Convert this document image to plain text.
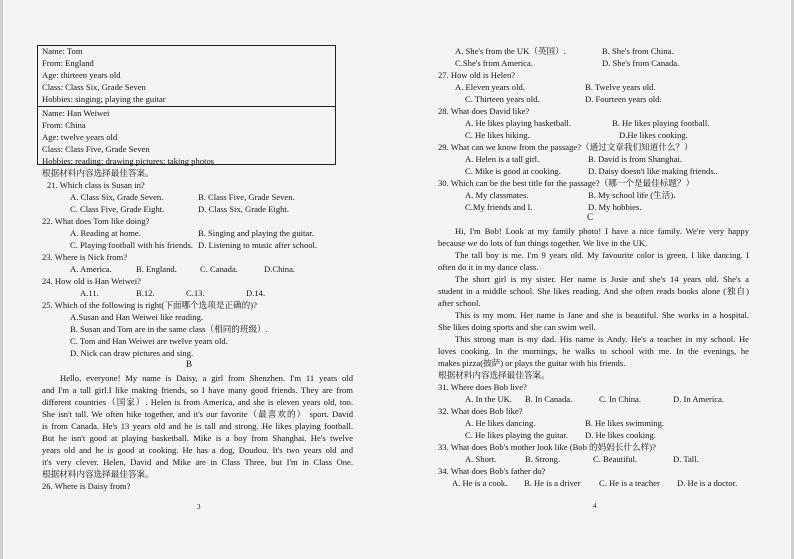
Name: Tom
From: England
Age: thirteen years old
Class: Class Six, Grade Seven
Hobbies: singing; playing the guitar
Name: Han Weiwei
From: China
Age: twelve years old
Class: Class Five, Grade Seven
Hobbies: reading; drawing pictures; taking photos
根据材料内容选择最佳答案。
21. Which class is Susan in?
A. Class Six, Grade Seven.	B. Class Five, Grade Seven.
C. Class Five, Grade Eight.	D. Class Six, Grade Eight.
22. What does Tom like doing?
A. Reading at home.	B. Singing and playing the guitar.
C. Playing football with his friends. D. Listening to music after school.
23. Where is Nick from?
A. America.	B. England.	C. Canada.	D.China.
24. How old is Han Weiwei?
A.11.	B.12.	C.13.	D.14.
25. Which of the following is right(下面哪个选项是正确的)?
A.Susan and Han Weiwei like reading.
B. Susan and Tom are in the same class（相同的班级）.
C. Tom and Han Weiwei are twelve years old.
D. Nick can draw pictures and sing.
B
Hello, everyone! My name is Daisy, a girl from Shenzhen. I'm 11 years old
and I'm a tall girl.I like making friends, so I have many good friends. They are from
different countries（国家）. Helen is from America, and she is eleven years old, too.
She isn't tall. We often hike together, and it's our favorite（最喜欢的） sport. David
is from Canada. He's 13 years old and he is tall and strong. He likes playing football.
But he isn't good at playing basketball. Mike is a boy from Shanghai. He's twelve
years old and he is good at cooking. He has a dog, Doudou. It's two years old and
it's very clever. Helen, David and Mike are in Class Three, but I'm in Class One.
根据材料内容选择最佳答案。
26. Where is Daisy from?
3
A. She's from the UK（英国）.	B. She's from China.
C.She's from America.	D. She's from Canada.
27. How old is Helen?
A. Eleven years old.	B. Twelve years old.
C. Thirteen years old.	D. Fourteen years old.
28. What does David like?
A. He likes playing basketball.	B. He likes playing football.
C. He likes hiking.	D.He likes cooking.
29. What can we know from the passage?（通过文章我们知道什么？）
A. Helen is a tall girl.	B. David is from Shanghai.
C. Mike is good at cooking.	D. Daisy doesn't like making friends..
30. Which can be the best title for the passage?（哪一个是最佳标题？）
A. My classmates.	B. My school life (生活).
C.My friends and I.	D. My hobbies.
C
Hi, I'm Bob! Look at my family photo! I have a nice family. We're very happy
because we do lots of fun things together. We live in the UK.
The tall boy is me. I'm 9 years old. My favourite color is green. I like dancing. I
often do it in my dance class.
The short girl is my sister. Her name is Josie and she's 14 years old. She's a
student in a middle school. She likes reading. And she often reads books alone (独自)
after school.
This is my mom. Her name is Jane and she is beautiful. She works in a hospital.
She likes doing sports and she can swim well.
This strong man is my dad. His name is Andy. He's a teacher in my school. He
loves cooking. In the mornings, he walks to school with me. In the evenings, he
makes pizza(披萨) or plays the guitar with his friends.
根据材料内容选择最佳答案。
31. Where does Bob live?
A. In the UK. B. In Canada.	C. In China.	D. In America.
32. What does Bob like?
A. He likes dancing.	B. He likes swimming.
C. He likes playing the guitar. D. He likes cooking.
33. What does Bob's mother look like (Bob 的妈妈长什么样)?
A. Short.	B. Strong.	C. Beautiful.	D. Tall.
34. What does Bob's father do?
A. He is a cook. B. He is a driver C. He is a teacher D. He is a doctor.
4
